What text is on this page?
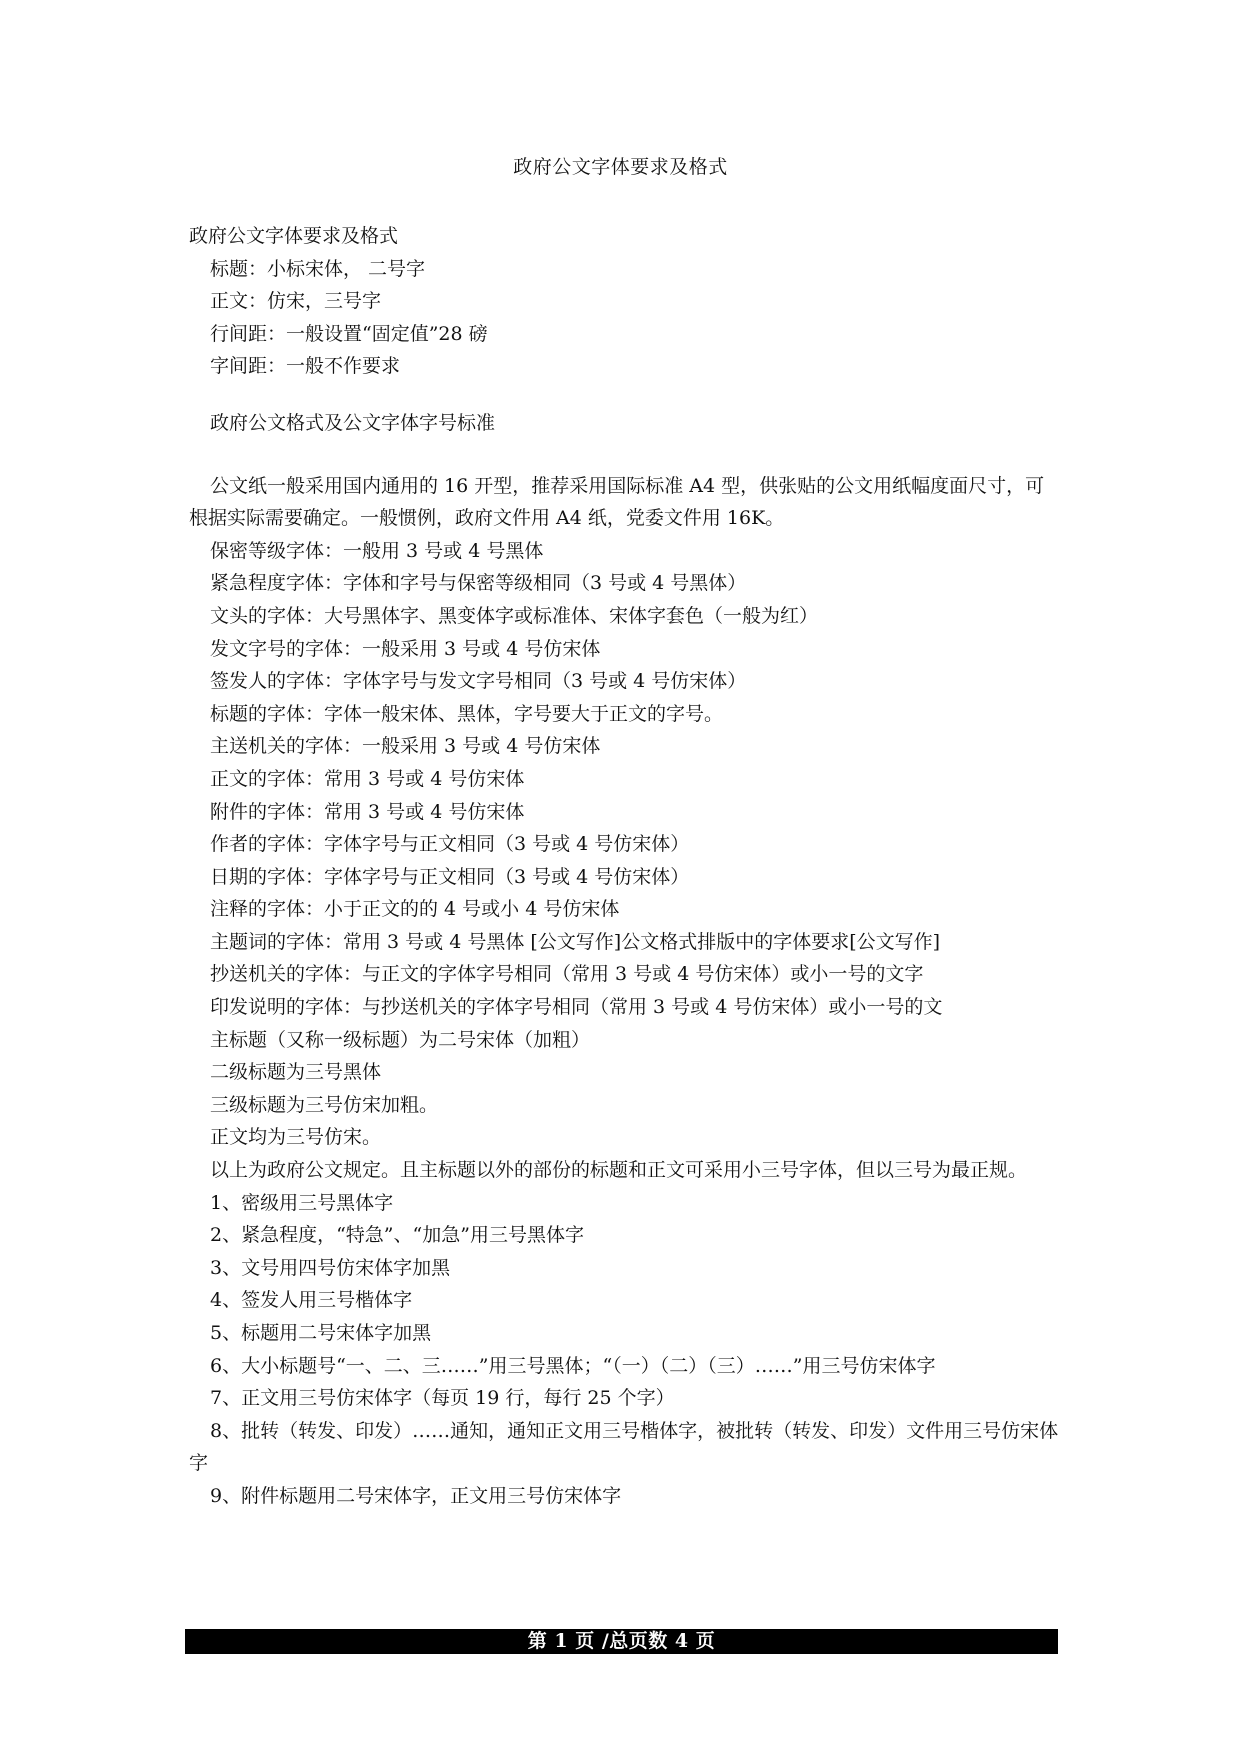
政府公文字体要求及格式
政府公文字体要求及格式
标题：小标宋体， 二号字
正文：仿宋，三号字
行间距：一般设置“固定值”28 磅
字间距：一般不作要求
政府公文格式及公文字体字号标准
公文纸一般采用国内通用的 16 开型，推荐采用国际标准 A4 型，供张贴的公文用纸幅度面尺寸，可根据实际需要确定。一般惯例，政府文件用 A4 纸，党委文件用 16K。
保密等级字体：一般用 3 号或 4 号黑体
紧急程度字体：字体和字号与保密等级相同（3 号或 4 号黑体）
文头的字体：大号黑体字、黑变体字或标准体、宋体字套色（一般为红）
发文字号的字体：一般采用 3 号或 4 号仿宋体
签发人的字体：字体字号与发文字号相同（3 号或 4 号仿宋体）
标题的字体：字体一般宋体、黑体，字号要大于正文的字号。
主送机关的字体：一般采用 3 号或 4 号仿宋体
正文的字体：常用 3 号或 4 号仿宋体
附件的字体：常用 3 号或 4 号仿宋体
作者的字体：字体字号与正文相同（3 号或 4 号仿宋体）
日期的字体：字体字号与正文相同（3 号或 4 号仿宋体）
注释的字体：小于正文的的 4 号或小 4 号仿宋体
主题词的字体：常用 3 号或 4 号黑体 [公文写作]公文格式排版中的字体要求[公文写作]
抄送机关的字体：与正文的字体字号相同（常用 3 号或 4 号仿宋体）或小一号的文字
印发说明的字体：与抄送机关的字体字号相同（常用 3 号或 4 号仿宋体）或小一号的文
主标题（又称一级标题）为二号宋体（加粗）
二级标题为三号黑体
三级标题为三号仿宋加粗。
正文均为三号仿宋。
以上为政府公文规定。且主标题以外的部份的标题和正文可采用小三号字体，但以三号为最正规。
1、密级用三号黑体字
2、紧急程度，“特急”、“加急”用三号黑体字
3、文号用四号仿宋体字加黑
4、签发人用三号楷体字
5、标题用二号宋体字加黑
6、大小标题号“一、二、三……”用三号黑体；“（一）（二）（三）……”用三号仿宋体字
7、正文用三号仿宋体字（每页 19 行，每行 25 个字）
8、批转（转发、印发）……通知，通知正文用三号楷体字，被批转（转发、印发）文件用三号仿宋体字
9、附件标题用二号宋体字，正文用三号仿宋体字
第 1 页 /总页数 4 页
